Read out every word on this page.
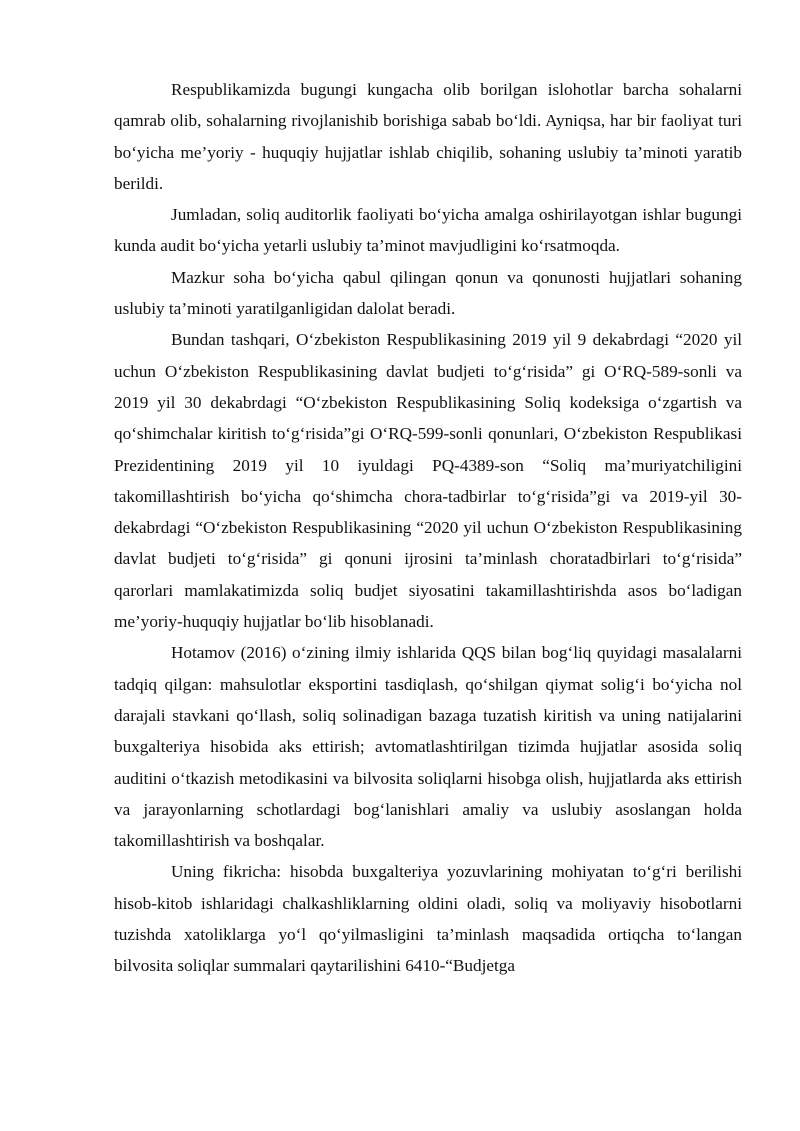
Respublikamizda bugungi kungacha olib borilgan islohotlar barcha sohalarni qamrab olib, sohalarning rivojlanishib borishiga sabab bo‘ldi. Ayniqsa, har bir faoliyat turi bo‘yicha me’yoriy - huquqiy hujjatlar ishlab chiqilib, sohaning uslubiy ta’minoti yaratib berildi.

Jumladan, soliq auditorlik faoliyati bo‘yicha amalga oshirilayotgan ishlar bugungi kunda audit bo‘yicha yetarli uslubiy ta’minot mavjudligini ko‘rsatmoqda.

Mazkur soha bo‘yicha qabul qilingan qonun va qonunosti hujjatlari sohaning uslubiy ta’minoti yaratilganligidan dalolat beradi.

Bundan tashqari, O‘zbekiston Respublikasining 2019 yil 9 dekabrdagi “2020 yil uchun O‘zbekiston Respublikasining davlat budjeti to‘g‘risida” gi O‘RQ-589-sonli va 2019 yil 30 dekabrdagi “O‘zbekiston Respublikasining Soliq kodeksiga o‘zgartish va qo‘shimchalar kiritish to‘g‘risida”gi O‘RQ-599-sonli qonunlari, O‘zbekiston Respublikasi Prezidentining 2019 yil 10 iyuldagi PQ-4389-son “Soliq ma’muriyatchiligini takomillashtirish bo‘yicha qo‘shimcha chora-tadbirlar to‘g‘risida”gi va 2019-yil 30- dekabrdagi “O‘zbekiston Respublikasining “2020 yil uchun O‘zbekiston Respublikasining davlat budjeti to‘g‘risida” gi qonuni ijrosini ta’minlash choratadbirlari to‘g‘risida” qarorlari mamlakatimizda soliq budjet siyosatini takamillashtirishda asos bo‘ladigan me’yoriy-huquqiy hujjatlar bo‘lib hisoblanadi.

Hotamov (2016) o‘zining ilmiy ishlarida QQS bilan bog‘liq quyidagi masalalarni tadqiq qilgan: mahsulotlar eksportini tasdiqlash, qo‘shilgan qiymat solig‘i bo‘yicha nol darajali stavkani qo‘llash, soliq solinadigan bazaga tuzatish kiritish va uning natijalarini buxgalteriya hisobida aks ettirish; avtomatlashtirilgan tizimda hujjatlar asosida soliq auditini o‘tkazish metodikasini va bilvosita soliqlarni hisobga olish, hujjatlarda aks ettirish va jarayonlarning schotlardagi bog‘lanishlari amaliy va uslubiy asoslangan holda takomillashtirish va boshqalar.

Uning fikricha: hisobda buxgalteriya yozuvlarining mohiyatan to‘g‘ri berilishi hisob-kitob ishlaridagi chalkashliklarning oldini oladi, soliq va moliyaviy hisobotlarni tuzishda xatoliklarga yo‘l qo‘yilmasligini ta’minlash maqsadida ortiqcha to‘langan bilvosita soliqlar summalari qaytarilishini 6410-“Budjetga
